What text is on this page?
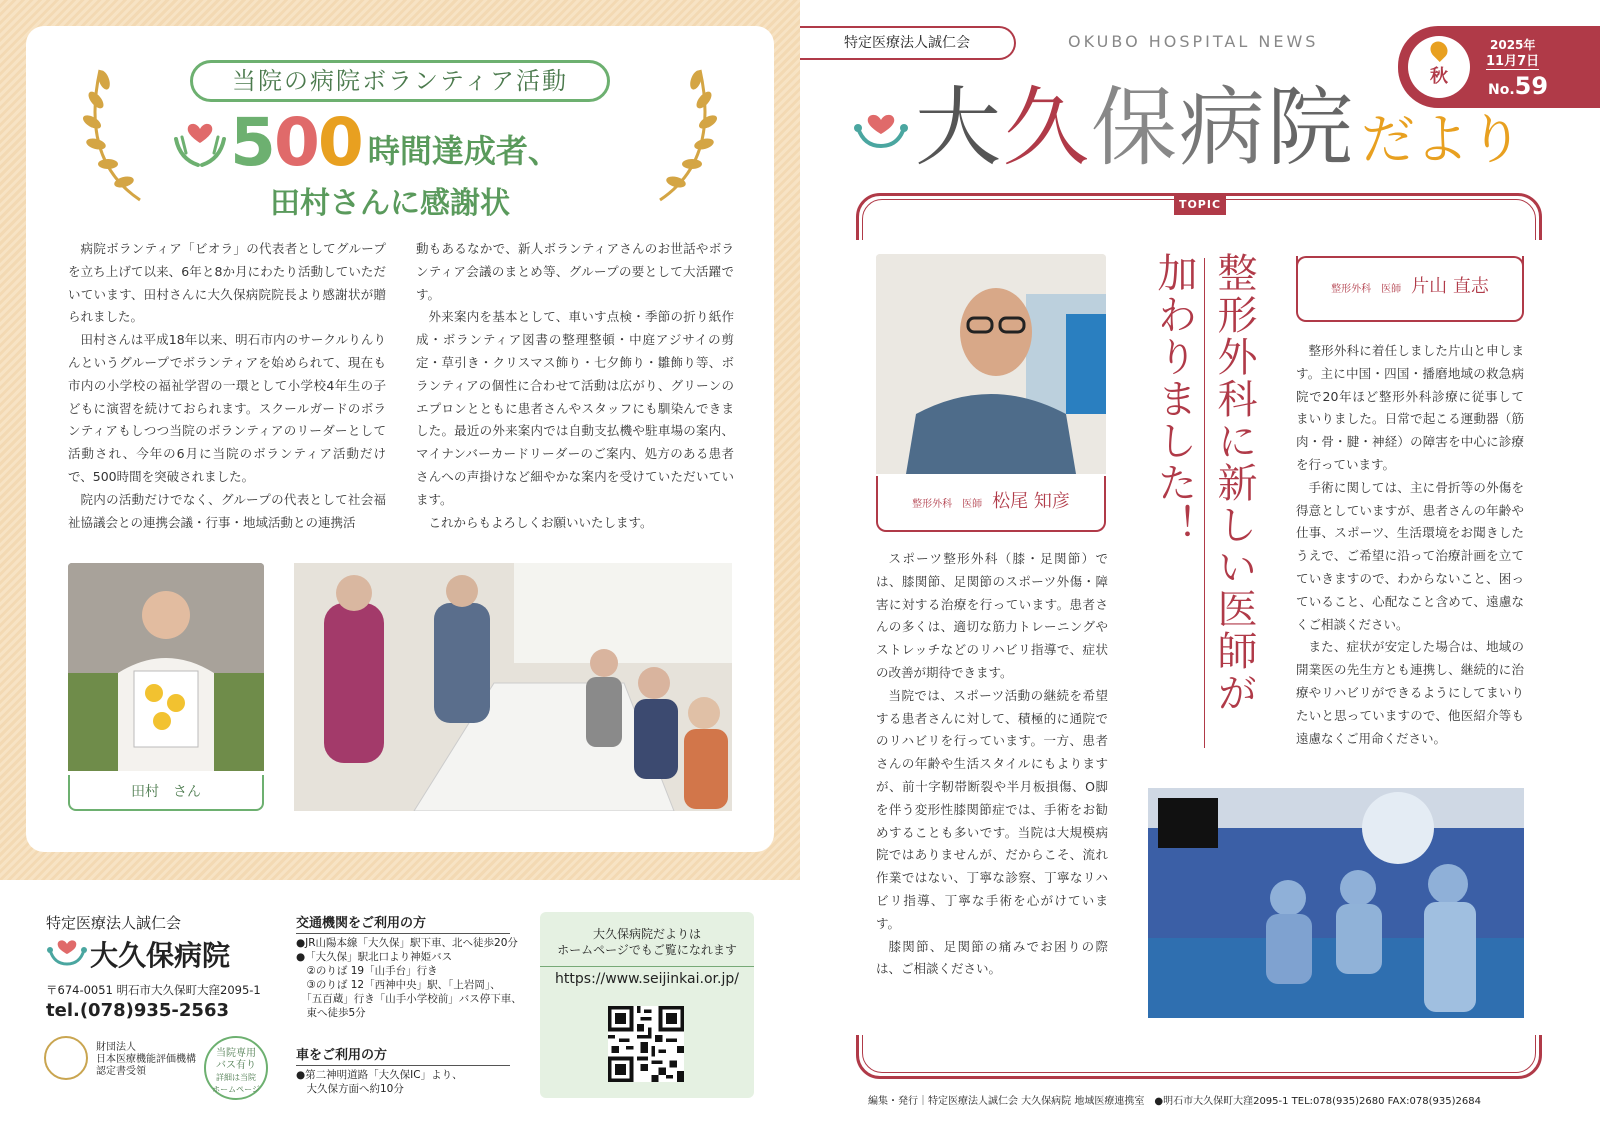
当院の病院ボランティア活動
500 時間達成者、
田村さんに感謝状

病院ボランティア「ビオラ」の代表者としてグループを立ち上げて以来、6年と8か月にわたり活動していただいています、田村さんに大久保病院院長より感謝状が贈られました。

田村さんは平成18年以来、明石市内のサークルりんりんというグループでボランティアを始められて、現在も市内の小学校の福祉学習の一環として小学校4年生の子どもに演習を続けておられます。スクールガードのボランティアもしつつ当院のボランティアのリーダーとして活動され、今年の6月に当院のボランティア活動だけで、500時間を突破されました。

院内の活動だけでなく、グループの代表として社会福祉協議会との連携会議・行事・地域活動との連携活

動もあるなかで、新人ボランティアさんのお世話やボランティア会議のまとめ等、グループの要として大活躍です。

外来案内を基本として、車いす点検・季節の折り紙作成・ボランティア図書の整理整頓・中庭アジサイの剪定・草引き・クリスマス飾り・七夕飾り・雛飾り等、ボランティアの個性に合わせて活動は広がり、グリーンのエプロンとともに患者さんやスタッフにも馴染んできました。最近の外来案内では自動支払機や駐車場の案内、マイナンバーカードリーダーのご案内、処方のある患者さんへの声掛けなど細やかな案内を受けていただいています。

これからもよろしくお願いいたします。

田村　さん
特定医療法人誠仁会
大久保病院
〒674-0051 明石市大久保町大窪2095-1
tel.(078)935-2563
財団法人
日本医療機能評価機構
認定書受領
当院専用
バス有り
詳細は当院
ホームページ
交通機関をご利用の方
●JR山陽本線「大久保」駅下車、北へ徒歩20分
●「大久保」駅北口より神姫バス
　②のりば 19「山手台」行き
　③のりば 12「西神中央」駅、「上岩岡」、
　「五百蔵」行き「山手小学校前」バス停下車、
　東へ徒歩5分
車をご利用の方
●第二神明道路「大久保IC」より、
　大久保方面へ約10分
大久保病院だよりは
ホームページでもご覧になれます
https://www.seijinkai.or.jp/
特定医療法人誠仁会	OKUBO HOSPITAL NEWS
秋
2025年
11月7日
No.59
大 久 保 病 院 だより
TOPIC
整形外科　医師 松尾 知彦

スポーツ整形外科（膝・足関節）では、膝関節、足関節のスポーツ外傷・障害に対する治療を行っています。患者さんの多くは、適切な筋力トレーニングやストレッチなどのリハビリ指導で、症状の改善が期待できます。

当院では、スポーツ活動の継続を希望する患者さんに対して、積極的に通院でのリハビリを行っています。一方、患者さんの年齢や生活スタイルにもよりますが、前十字靭帯断裂や半月板損傷、O脚を伴う変形性膝関節症では、手術をお勧めすることも多いです。当院は大規模病院ではありませんが、だからこそ、流れ作業ではない、丁寧な診察、丁寧なリハビリ指導、丁寧な手術を心がけています。

膝関節、足関節の痛みでお困りの際は、ご相談ください。

整形外科に新しい医師が加わりました！	整形外科　医師 片山 直志

整形外科に着任しました片山と申します。主に中国・四国・播磨地域の救急病院で20年ほど整形外科診療に従事してまいりました。日常で起こる運動器（筋肉・骨・腱・神経）の障害を中心に診療を行っています。

手術に関しては、主に骨折等の外傷を得意としていますが、患者さんの年齢や仕事、スポーツ、生活環境をお聞きしたうえで、ご希望に沿って治療計画を立てていきますので、わからないこと、困っていること、心配なこと含めて、遠慮なくご相談ください。

また、症状が安定した場合は、地域の開業医の先生方とも連携し、継続的に治療やリハビリができるようにしてまいりたいと思っていますので、他医紹介等も遠慮なくご用命ください。

編集・発行｜特定医療法人誠仁会 大久保病院 地域医療連携室　●明石市大久保町大窪2095-1 TEL:078(935)2680 FAX:078(935)2684
